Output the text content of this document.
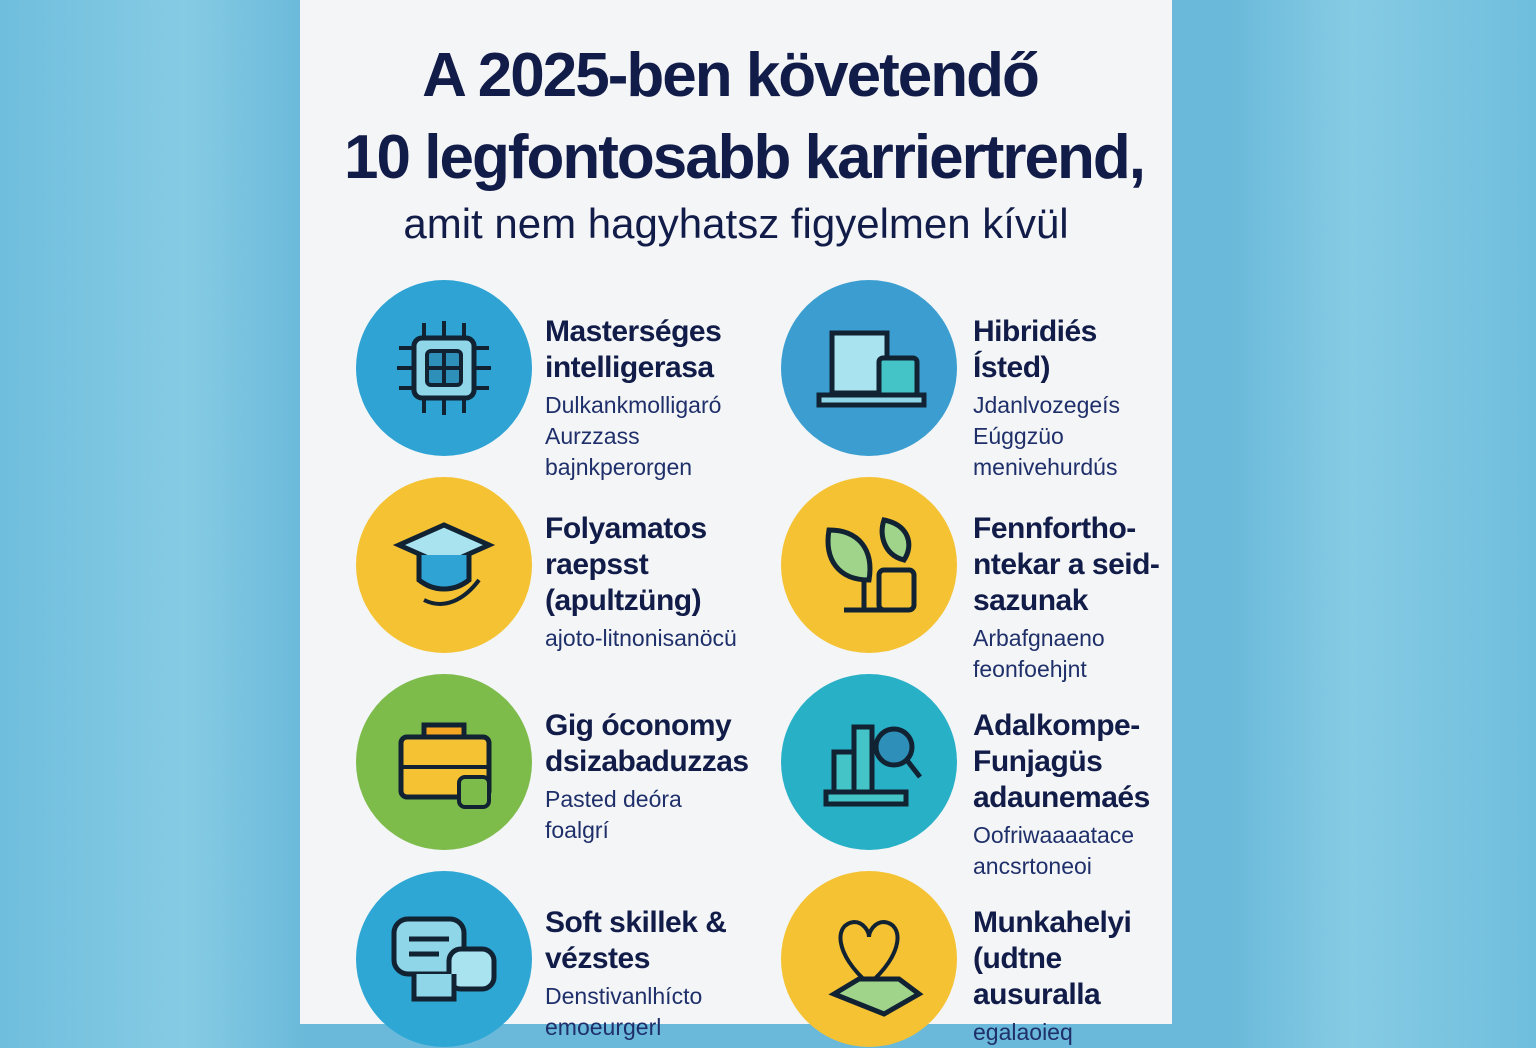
A 2025-ben követendő
10 legfontosabb karriertrend,
amit nem hagyhatsz figyelmen kívül
Masterséges intelligerasa
Dulkankmolligaró Aurzzass bajnkperorgen
Hibridiés Ísted)
Jdanlvozegeís Eúggzüo menivehurdús
Folyamatos raepsst (apultzüng)
ajoto-litnonisanöcü
Fennfortho-ntekar a seid-sazunak
Arbafgnaeno feonfoehjnt
Gig óconomy dsizabaduzzas
Pasted deóra foalgrí
Adalkompe-Funjagüs adaunemaés
Oofriwaaaatace ancsrtoneoi
Soft skillek & vézstes
Denstivanlhícto emoeurgerl
Munkahelyi (udtne ausuralla
egalaoieq
